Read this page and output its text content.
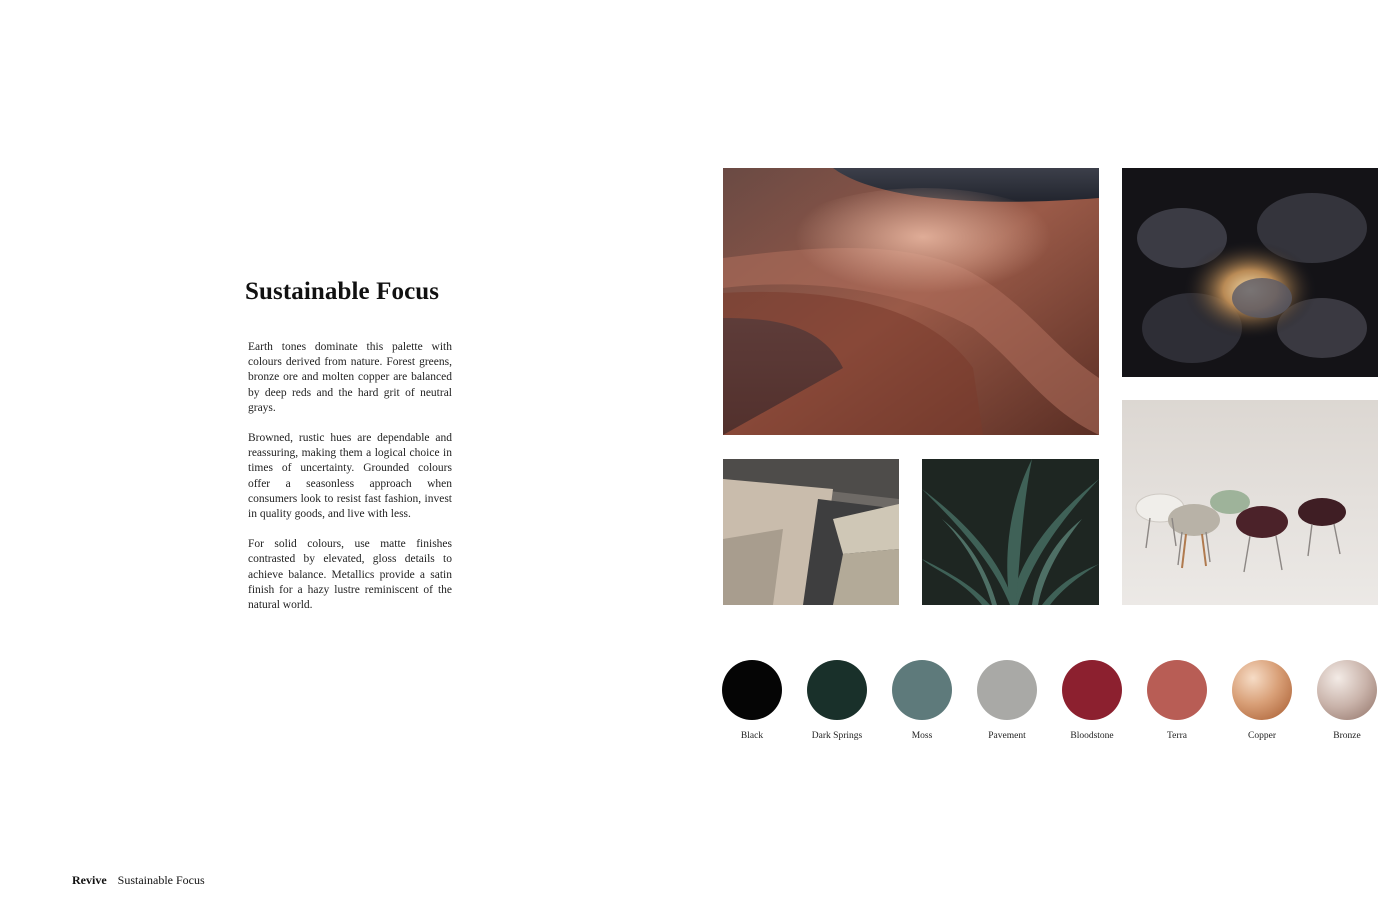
Sustainable Focus

Earth tones dominate this palette with colours derived from nature. Forest greens, bronze ore and molten copper are balanced by deep reds and the hard grit of neutral grays.

Browned, rustic hues are dependable and reassuring, making them a logical choice in times of uncertainty. Grounded colours offer a seasonless approach when consumers look to resist fast fashion, invest in quality goods, and live with less.

For solid colours, use matte finishes contrasted by elevated, gloss details to achieve balance. Metallics provide a satin finish for a hazy lustre reminiscent of the natural world.

Black	Dark Springs	Moss	Pavement	Bloodstone	Terra	Copper	Bronze
Revive Sustainable Focus
